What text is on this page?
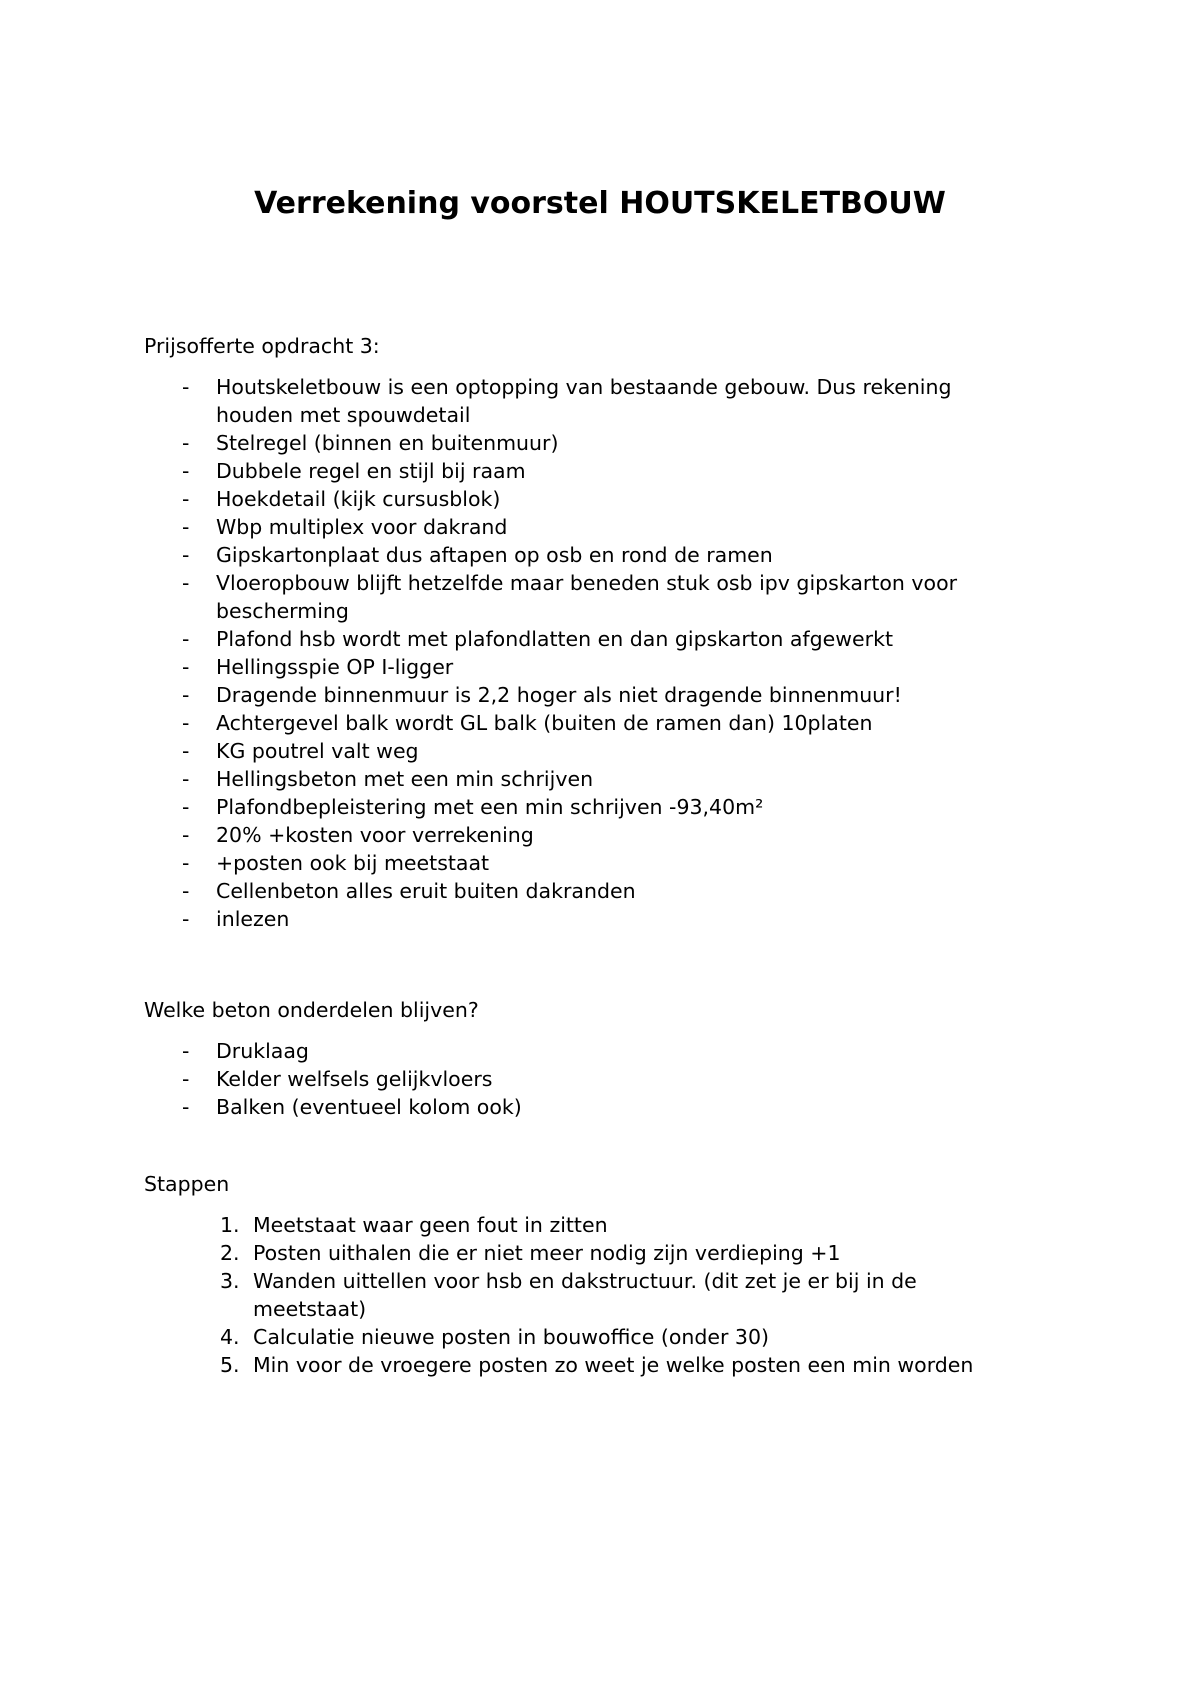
Verrekening voorstel HOUTSKELETBOUW

Prijsofferte opdracht 3:

- Houtskeletbouw is een optopping van bestaande gebouw. Dus rekening houden met spouwdetail
- Stelregel (binnen en buitenmuur)
- Dubbele regel en stijl bij raam
- Hoekdetail (kijk cursusblok)
- Wbp multiplex voor dakrand
- Gipskartonplaat dus aftapen op osb en rond de ramen
- Vloeropbouw blijft hetzelfde maar beneden stuk osb ipv gipskarton voor bescherming
- Plafond hsb wordt met plafondlatten en dan gipskarton afgewerkt
- Hellingsspie OP I-ligger
- Dragende binnenmuur is 2,2 hoger als niet dragende binnenmuur!
- Achtergevel balk wordt GL balk (buiten de ramen dan) 10platen
- KG poutrel valt weg
- Hellingsbeton met een min schrijven
- Plafondbepleistering met een min schrijven -93,40m²
- 20% +kosten voor verrekening
- +posten ook bij meetstaat
- Cellenbeton alles eruit buiten dakranden
- inlezen

Welke beton onderdelen blijven?

- Druklaag
- Kelder welfsels gelijkvloers
- Balken (eventueel kolom ook)

Stappen

1. Meetstaat waar geen fout in zitten
2. Posten uithalen die er niet meer nodig zijn verdieping +1
3. Wanden uittellen voor hsb en dakstructuur. (dit zet je er bij in de meetstaat)
4. Calculatie nieuwe posten in bouwoffice (onder 30)
5. Min voor de vroegere posten zo weet je welke posten een min worden
